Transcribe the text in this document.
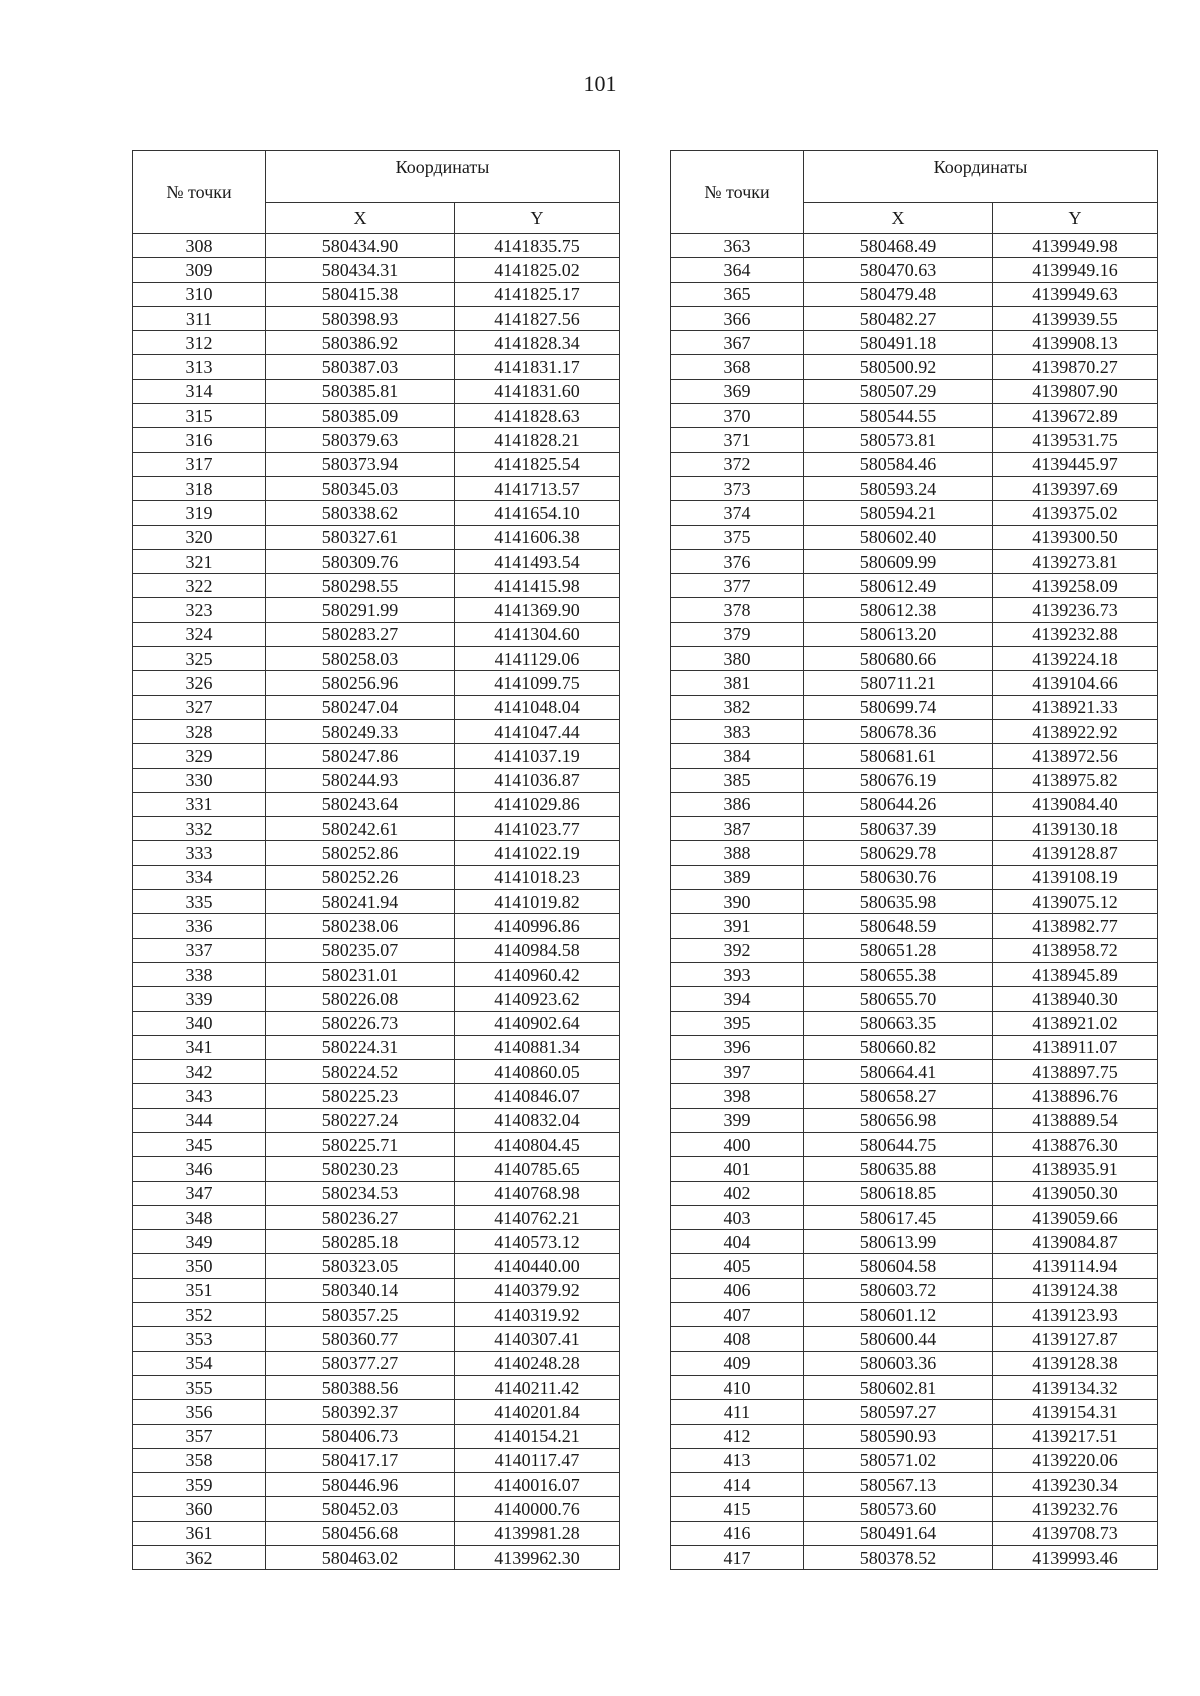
101
№ точки	Координаты	
	X	Y
308	580434.90	4141835.75
309	580434.31	4141825.02
310	580415.38	4141825.17
311	580398.93	4141827.56
312	580386.92	4141828.34
313	580387.03	4141831.17
314	580385.81	4141831.60
315	580385.09	4141828.63
316	580379.63	4141828.21
317	580373.94	4141825.54
318	580345.03	4141713.57
319	580338.62	4141654.10
320	580327.61	4141606.38
321	580309.76	4141493.54
322	580298.55	4141415.98
323	580291.99	4141369.90
324	580283.27	4141304.60
325	580258.03	4141129.06
326	580256.96	4141099.75
327	580247.04	4141048.04
328	580249.33	4141047.44
329	580247.86	4141037.19
330	580244.93	4141036.87
331	580243.64	4141029.86
332	580242.61	4141023.77
333	580252.86	4141022.19
334	580252.26	4141018.23
335	580241.94	4141019.82
336	580238.06	4140996.86
337	580235.07	4140984.58
338	580231.01	4140960.42
339	580226.08	4140923.62
340	580226.73	4140902.64
341	580224.31	4140881.34
342	580224.52	4140860.05
343	580225.23	4140846.07
344	580227.24	4140832.04
345	580225.71	4140804.45
346	580230.23	4140785.65
347	580234.53	4140768.98
348	580236.27	4140762.21
349	580285.18	4140573.12
350	580323.05	4140440.00
351	580340.14	4140379.92
352	580357.25	4140319.92
353	580360.77	4140307.41
354	580377.27	4140248.28
355	580388.56	4140211.42
356	580392.37	4140201.84
357	580406.73	4140154.21
358	580417.17	4140117.47
359	580446.96	4140016.07
360	580452.03	4140000.76
361	580456.68	4139981.28
362	580463.02	4139962.30
№ точки	Координаты	
	X	Y
363	580468.49	4139949.98
364	580470.63	4139949.16
365	580479.48	4139949.63
366	580482.27	4139939.55
367	580491.18	4139908.13
368	580500.92	4139870.27
369	580507.29	4139807.90
370	580544.55	4139672.89
371	580573.81	4139531.75
372	580584.46	4139445.97
373	580593.24	4139397.69
374	580594.21	4139375.02
375	580602.40	4139300.50
376	580609.99	4139273.81
377	580612.49	4139258.09
378	580612.38	4139236.73
379	580613.20	4139232.88
380	580680.66	4139224.18
381	580711.21	4139104.66
382	580699.74	4138921.33
383	580678.36	4138922.92
384	580681.61	4138972.56
385	580676.19	4138975.82
386	580644.26	4139084.40
387	580637.39	4139130.18
388	580629.78	4139128.87
389	580630.76	4139108.19
390	580635.98	4139075.12
391	580648.59	4138982.77
392	580651.28	4138958.72
393	580655.38	4138945.89
394	580655.70	4138940.30
395	580663.35	4138921.02
396	580660.82	4138911.07
397	580664.41	4138897.75
398	580658.27	4138896.76
399	580656.98	4138889.54
400	580644.75	4138876.30
401	580635.88	4138935.91
402	580618.85	4139050.30
403	580617.45	4139059.66
404	580613.99	4139084.87
405	580604.58	4139114.94
406	580603.72	4139124.38
407	580601.12	4139123.93
408	580600.44	4139127.87
409	580603.36	4139128.38
410	580602.81	4139134.32
411	580597.27	4139154.31
412	580590.93	4139217.51
413	580571.02	4139220.06
414	580567.13	4139230.34
415	580573.60	4139232.76
416	580491.64	4139708.73
417	580378.52	4139993.46
